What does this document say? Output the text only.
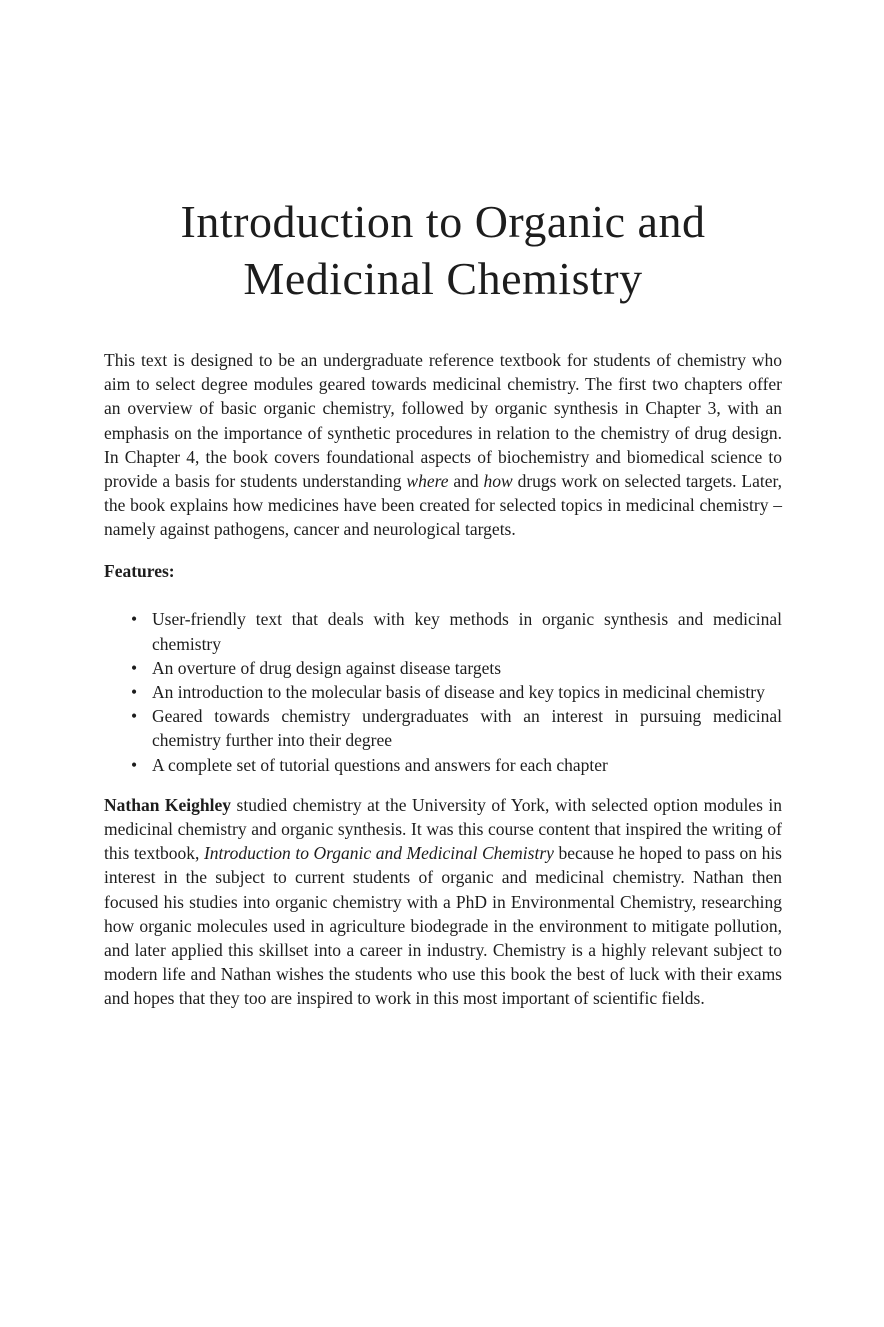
Introduction to Organic and
Medicinal Chemistry

This text is designed to be an undergraduate reference textbook for students of chemistry who aim to select degree modules geared towards medicinal chemistry. The first two chapters offer an overview of basic organic chemistry, followed by organic synthesis in Chapter 3, with an emphasis on the importance of synthetic procedures in relation to the chemistry of drug design. In Chapter 4, the book covers foundational aspects of biochemistry and biomedical science to provide a basis for students understanding where and how drugs work on selected targets. Later, the book explains how medicines have been created for selected topics in medicinal chemistry – namely against pathogens, cancer and neurological targets.

Features:

• User-friendly text that deals with key methods in organic synthesis and medicinal chemistry
• An overture of drug design against disease targets
• An introduction to the molecular basis of disease and key topics in medicinal chemistry
• Geared towards chemistry undergraduates with an interest in pursuing medicinal chemistry further into their degree
• A complete set of tutorial questions and answers for each chapter

Nathan Keighley studied chemistry at the University of York, with selected option modules in medicinal chemistry and organic synthesis. It was this course content that inspired the writing of this textbook, Introduction to Organic and Medicinal Chemistry because he hoped to pass on his interest in the subject to current students of organic and medicinal chemistry. Nathan then focused his studies into organic chemistry with a PhD in Environmental Chemistry, researching how organic molecules used in agriculture biodegrade in the environment to mitigate pollution, and later applied this skillset into a career in industry. Chemistry is a highly relevant subject to modern life and Nathan wishes the students who use this book the best of luck with their exams and hopes that they too are inspired to work in this most important of scientific fields.
